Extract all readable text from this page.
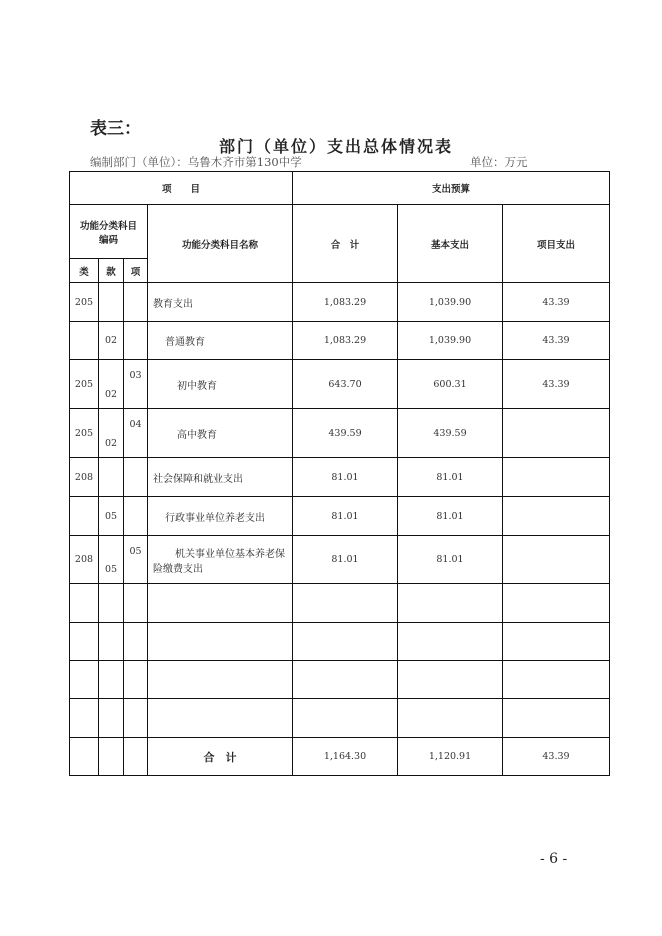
表三：
部门（单位）支出总体情况表
编制部门（单位）：乌鲁木齐市第130中学	单位：万元
项　　目				支出预算		
功能分类科目编码			功能分类科目名称	合　计	基本支出	项目支出
类	款	项				
205			教育支出	1,083.29	1,039.90	43.39
	02		普通教育	1,083.29	1,039.90	43.39
205	02	03	初中教育	643.70	600.31	43.39
205	02	04	高中教育	439.59	439.59	
208			社会保障和就业支出	81.01	81.01	
	05		行政事业单位养老支出	81.01	81.01	
208	05	05	机关事业单位基本养老保险缴费支出	81.01	81.01	

			合　计	1,164.30	1,120.91	43.39
- 6 -
